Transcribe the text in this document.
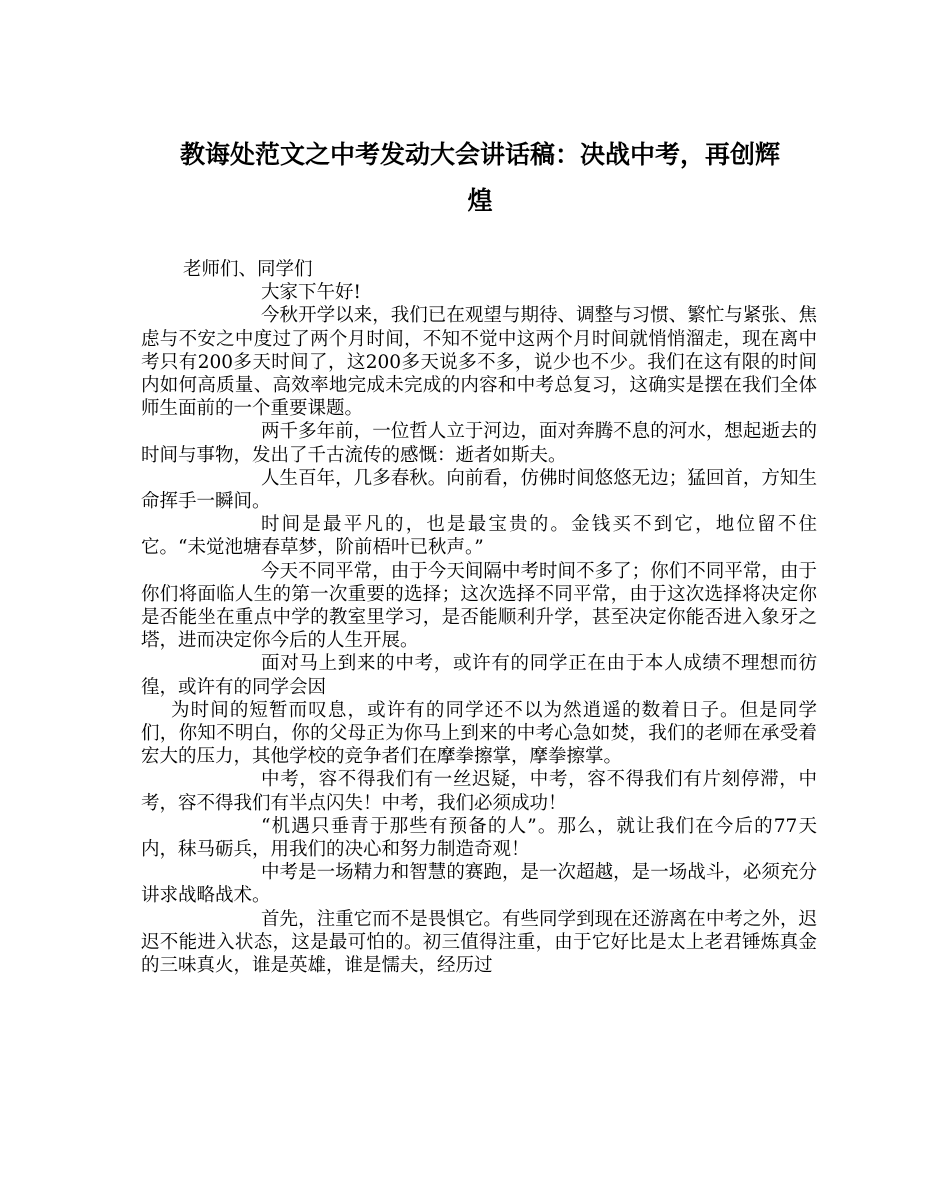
教诲处范文之中考发动大会讲话稿：决战中考，再创辉
煌

老师们、同学们

大家下午好!

今秋开学以来，我们已在观望与期待、调整与习惯、繁忙与紧张、焦虑与不安之中度过了两个月时间，不知不觉中这两个月时间就悄悄溜走，现在离中考只有200多天时间了，这200多天说多不多，说少也不少。我们在这有限的时间内如何高质量、高效率地完成未完成的内容和中考总复习，这确实是摆在我们全体师生面前的一个重要课题。

两千多年前，一位哲人立于河边，面对奔腾不息的河水，想起逝去的时间与事物，发出了千古流传的感慨：逝者如斯夫。

人生百年，几多春秋。向前看，仿佛时间悠悠无边；猛回首，方知生命挥手一瞬间。

时间是最平凡的，也是最宝贵的。金钱买不到它，地位留不住它。“未觉池塘春草梦，阶前梧叶已秋声。”

今天不同平常，由于今天间隔中考时间不多了；你们不同平常，由于你们将面临人生的第一次重要的选择；这次选择不同平常，由于这次选择将决定你是否能坐在重点中学的教室里学习，是否能顺利升学，甚至决定你能否进入象牙之塔，进而决定你今后的人生开展。

面对马上到来的中考，或许有的同学正在由于本人成绩不理想而彷徨，或许有的同学会因

为时间的短暂而叹息，或许有的同学还不以为然逍遥的数着日子。但是同学们，你知不明白，你的父母正为你马上到来的中考心急如焚，我们的老师在承受着宏大的压力，其他学校的竞争者们在摩拳擦掌，摩拳擦掌。

中考，容不得我们有一丝迟疑，中考，容不得我们有片刻停滞，中考，容不得我们有半点闪失！中考，我们必须成功！

“机遇只垂青于那些有预备的人”。那么，就让我们在今后的77天内，秣马砺兵，用我们的决心和努力制造奇观！

中考是一场精力和智慧的赛跑，是一次超越，是一场战斗，必须充分讲求战略战术。

首先，注重它而不是畏惧它。有些同学到现在还游离在中考之外，迟迟不能进入状态，这是最可怕的。初三值得注重，由于它好比是太上老君锤炼真金的三味真火，谁是英雄，谁是懦夫，经历过
